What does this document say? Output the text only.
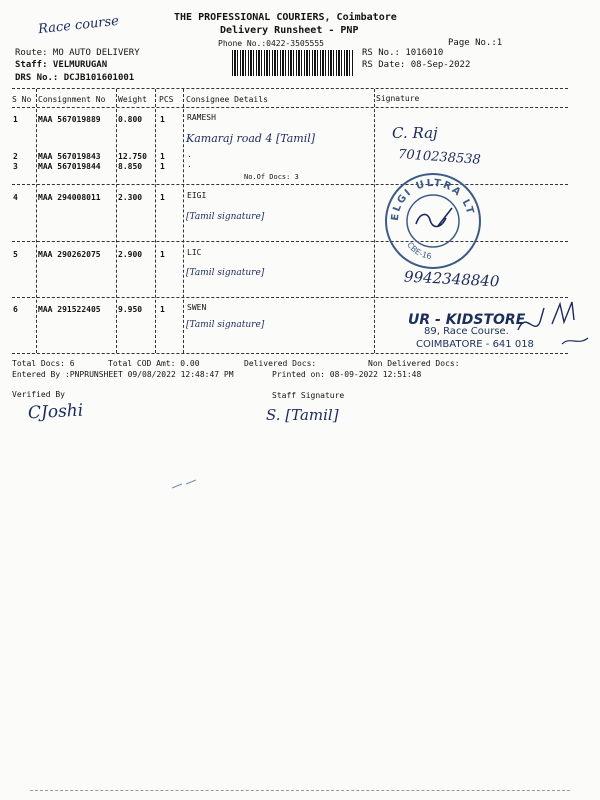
THE PROFESSIONAL COURIERS, Coimbatore
Delivery Runsheet - PNP
Phone No.:0422-3505555	Page No.:1
Race course
Route: MO AUTO DELIVERY
Staff: VELMURUGAN
DRS No.: DCJB101601001
RS No.: 1016010
RS Date: 08-Sep-2022
S No Consignment No Weight PCS Consignee Details	Signature
1	MAA 567019889 0.800 1	RAMESH
2	MAA 567019843 12.750 1	.
3	MAA 567019844 8.850 1	.
No.Of Docs: 3
4	MAA 294008011 2.300 1	EIGI
5	MAA 290262075 2.900 1	LIC
6	MAA 291522405 9.950 1	SWEN
Kamaraj road 4 [Tamil]	C. Raj
7010238538
[Tamil signature]
[Tamil signature]	9942348840
[Tamil signature]
ELGI ULTRA LTD
CBE-16
UR - KIDSTORE
89, Race Course.
COIMBATORE - 641 018
Total Docs: 6	Total COD Amt: 0.00	Delivered Docs:	Non Delivered Docs:
Entered By :PNPRUNSHEET 09/08/2022 12:48:47 PM	Printed on: 08-09-2022 12:51:48
Verified By	Staff Signature
CJoshi	S. [Tamil]
